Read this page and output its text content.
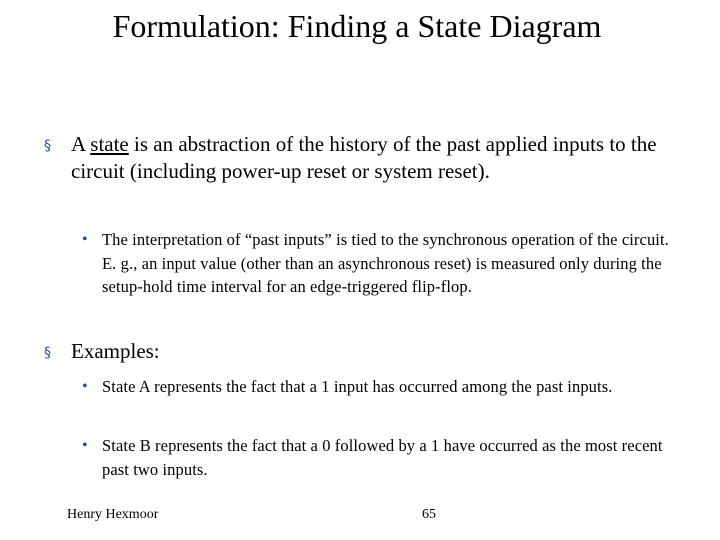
Formulation: Finding a State Diagram
§ A state is an abstraction of the history of the past applied inputs to the circuit (including power-up reset or system reset).
• The interpretation of “past inputs” is tied to the synchronous operation of the circuit. E. g., an input value (other than an asynchronous reset) is measured only during the setup-hold time interval for an edge-triggered flip-flop.
§ Examples:
• State A represents the fact that a 1 input has occurred among the past inputs.
• State B represents the fact that a 0 followed by a 1 have occurred as the most recent past two inputs.
Henry Hexmoor	65
